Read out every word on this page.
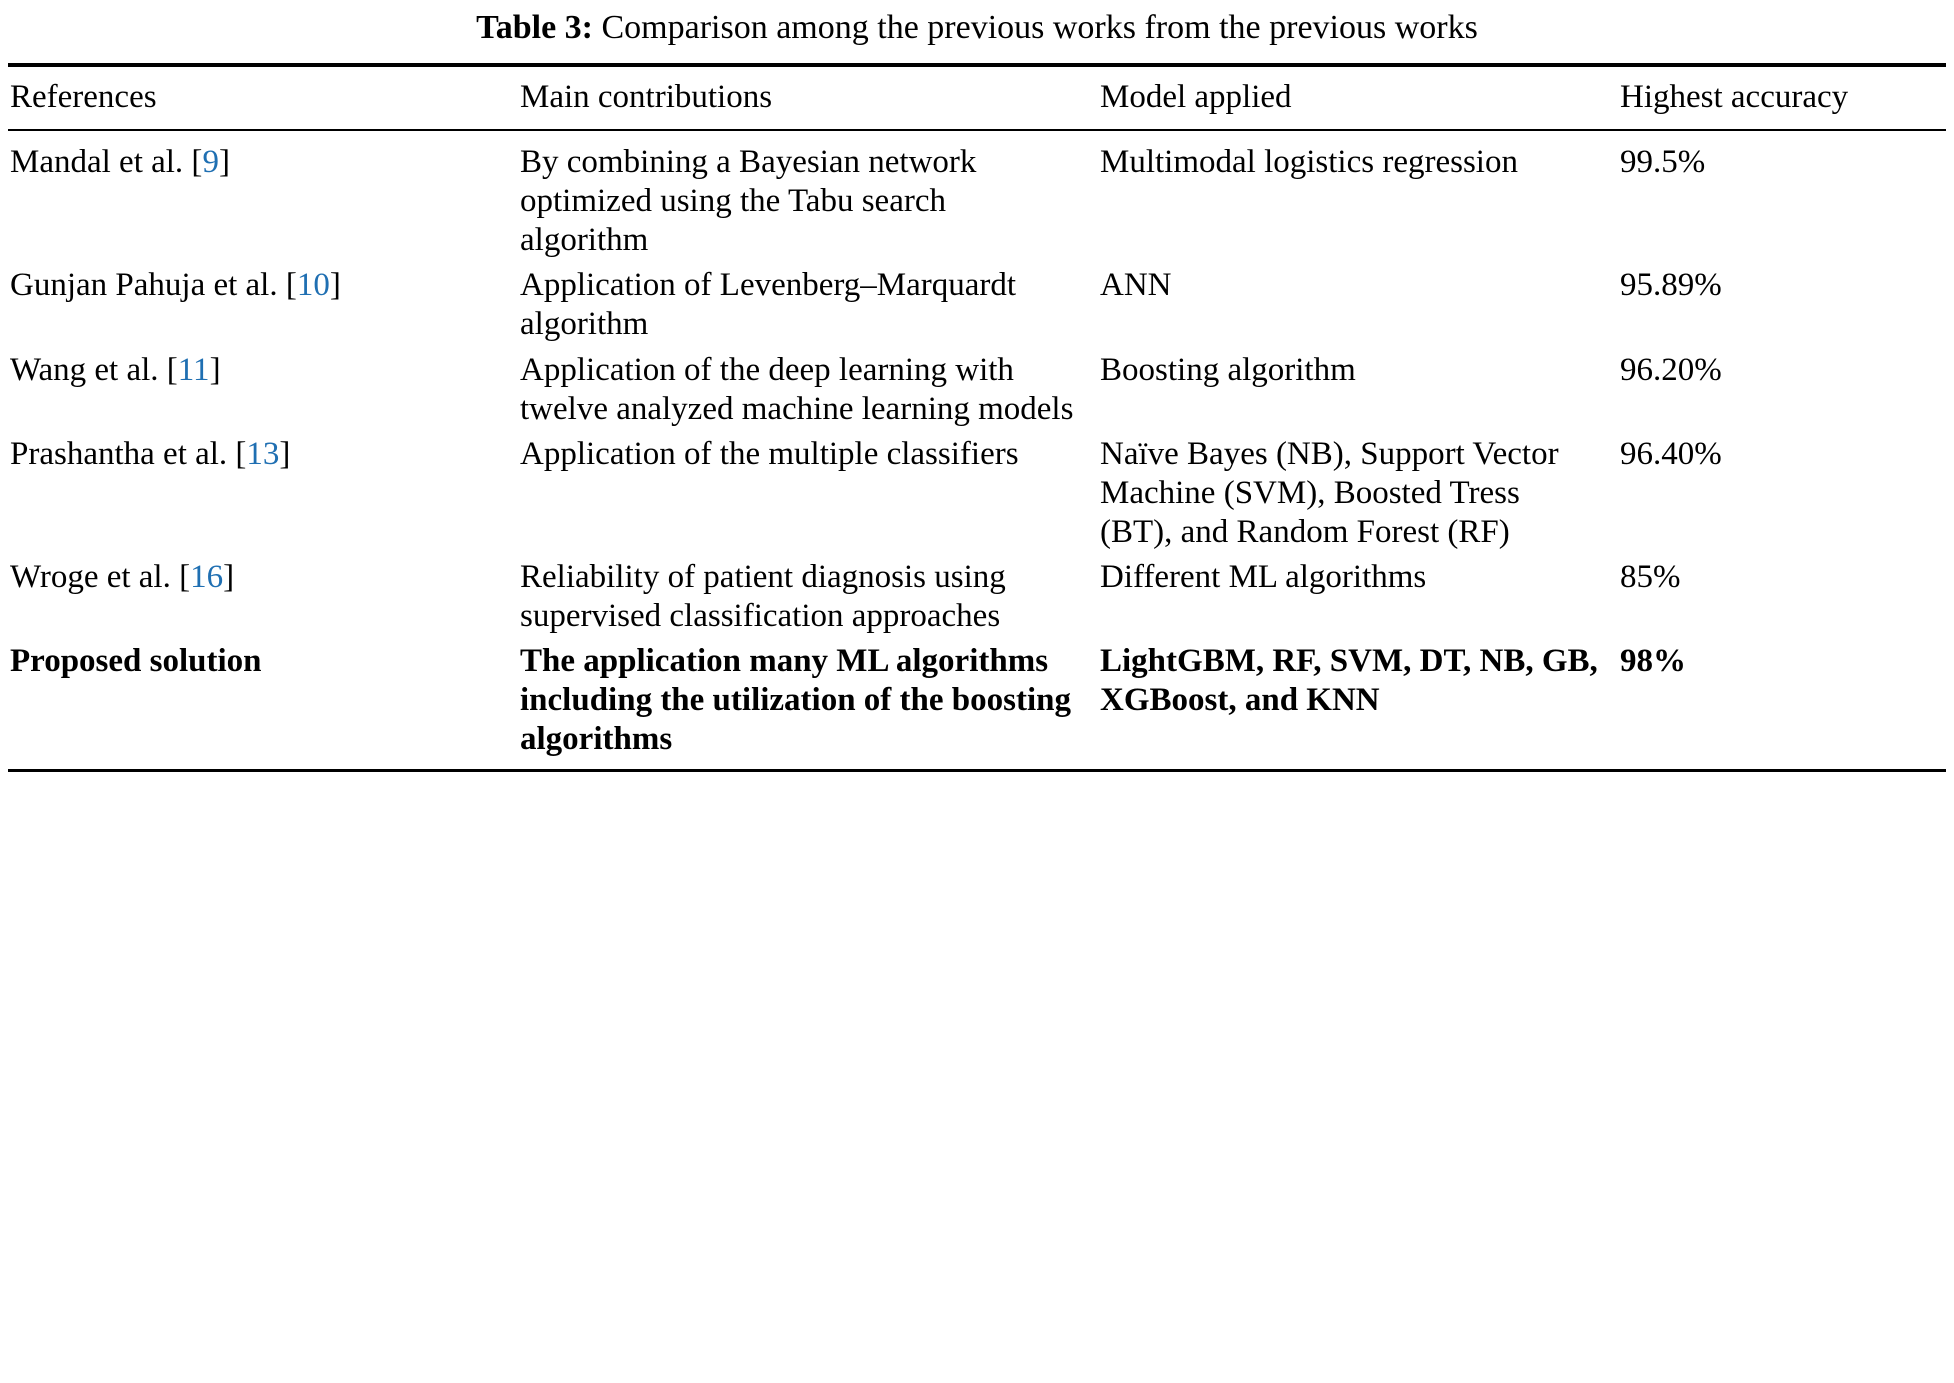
Table 3: Comparison among the previous works from the previous works
References	Main contributions	Model applied	Highest accuracy
Mandal et al. [9]	By combining a Bayesian network optimized using the Tabu search algorithm	Multimodal logistics regression	99.5%
Gunjan Pahuja et al. [10]	Application of Levenberg–Marquardt algorithm	ANN	95.89%
Wang et al. [11]	Application of the deep learning with twelve analyzed machine learning models	Boosting algorithm	96.20%
Prashantha et al. [13]	Application of the multiple classifiers	Naïve Bayes (NB), Support Vector Machine (SVM), Boosted Tress (BT), and Random Forest (RF)	96.40%
Wroge et al. [16]	Reliability of patient diagnosis using supervised classification approaches	Different ML algorithms	85%
Proposed solution	The application many ML algorithms including the utilization of the boosting algorithms	LightGBM, RF, SVM, DT, NB, GB, XGBoost, and KNN	98%
